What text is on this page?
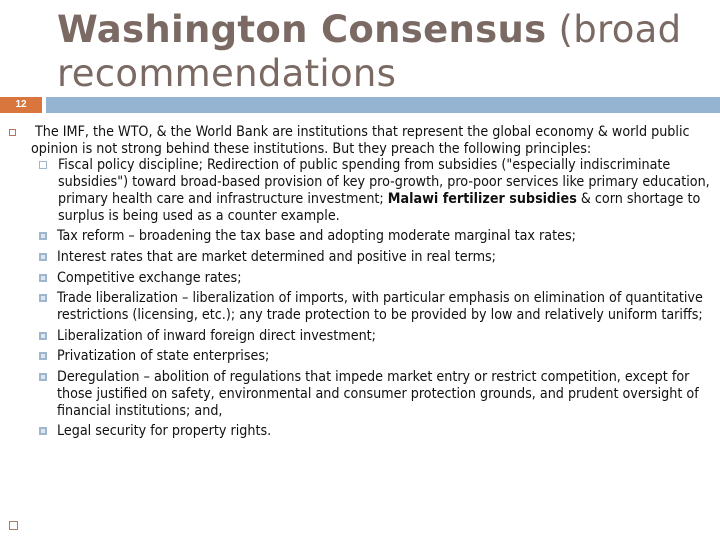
Washington Consensus (broad
recommendations
12

The IMF, the WTO, & the World Bank are institutions that represent the global economy & world public opinion is not strong behind these institutions. But they preach the following principles:

Fiscal policy discipline; Redirection of public spending from subsidies ("especially indiscriminate subsidies") toward broad-based provision of key pro-growth, pro-poor services like primary education, primary health care and infrastructure investment; Malawi fertilizer subsidies & corn shortage to surplus is being used as a counter example.
Tax reform – broadening the tax base and adopting moderate marginal tax rates;
Interest rates that are market determined and positive in real terms;
Competitive exchange rates;
Trade liberalization – liberalization of imports, with particular emphasis on elimination of quantitative restrictions (licensing, etc.); any trade protection to be provided by low and relatively uniform tariffs;
Liberalization of inward foreign direct investment;
Privatization of state enterprises;
Deregulation – abolition of regulations that impede market entry or restrict competition, except for those justified on safety, environmental and consumer protection grounds, and prudent oversight of financial institutions; and,
Legal security for property rights.
